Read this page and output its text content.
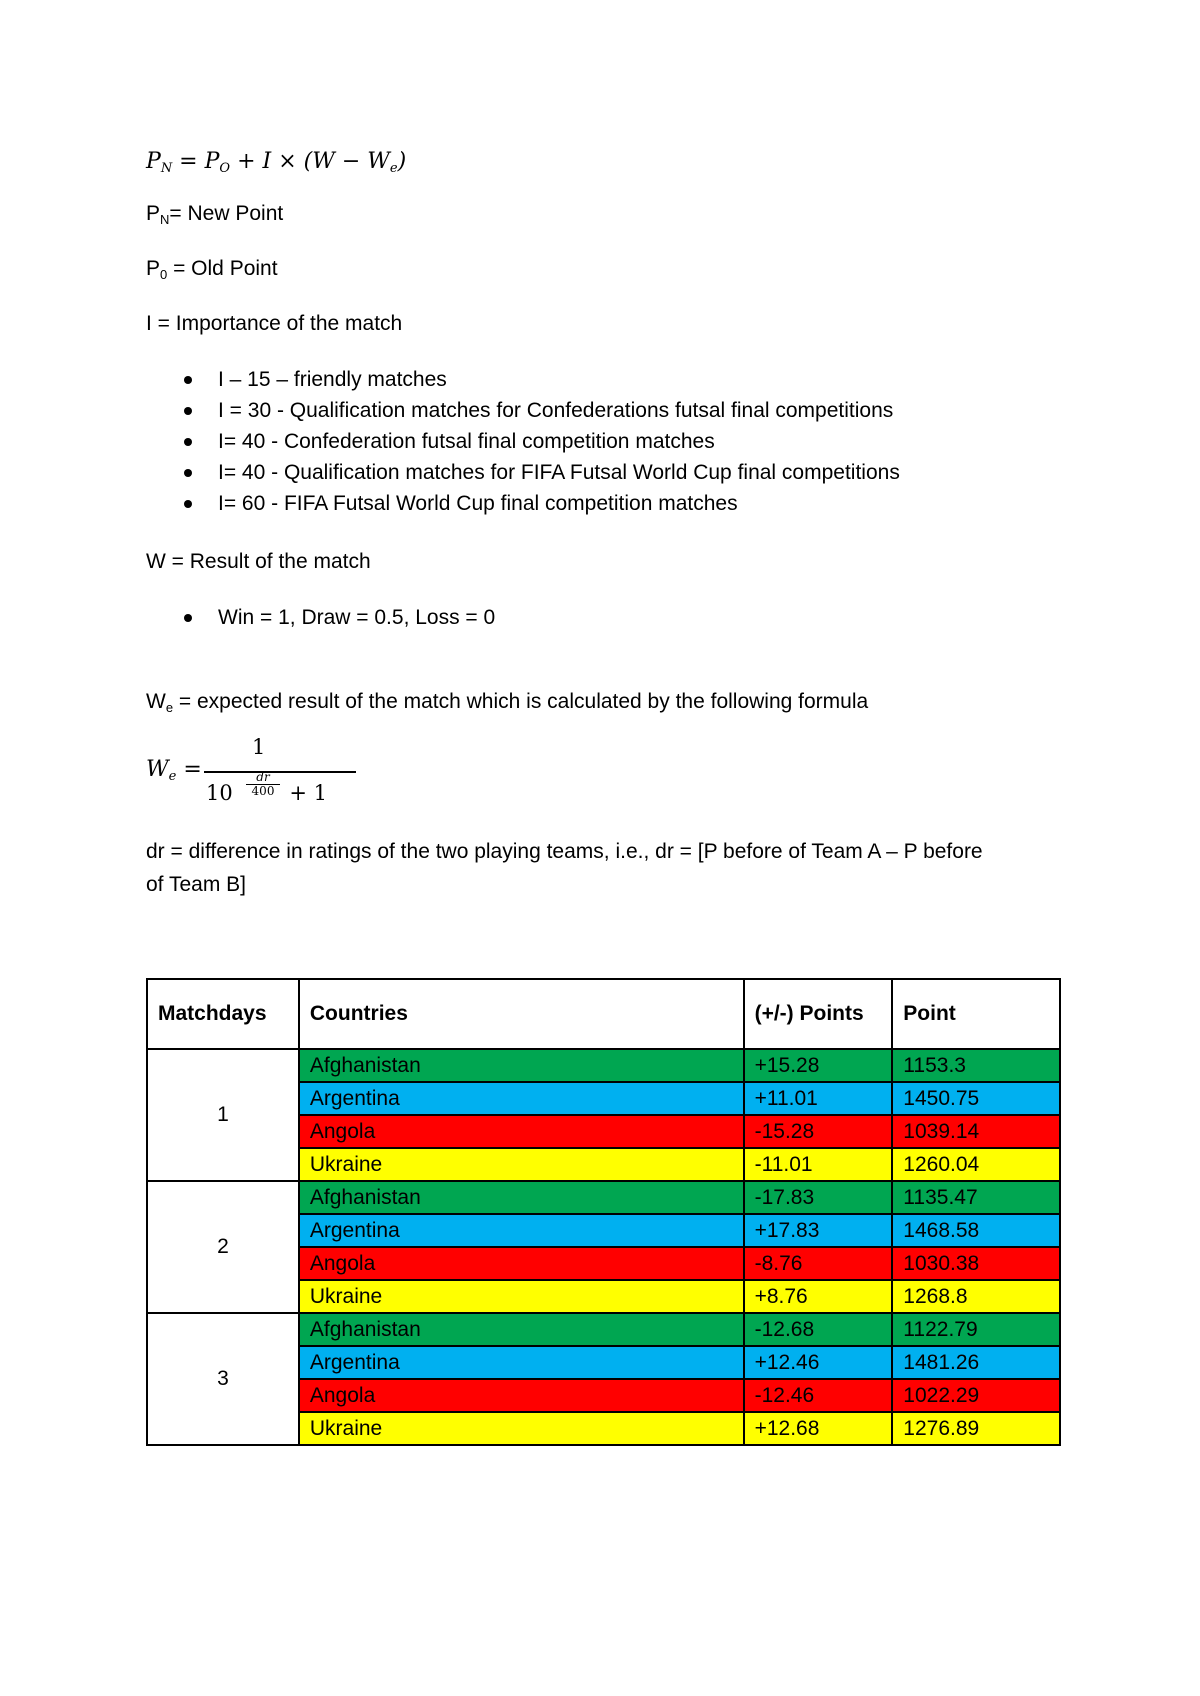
$P_N = P_O + I \times (W - W_e)$
$P_N=$ New Point
$P_0$ = Old Point
I = Importance of the match
I – 15 – friendly matches
I = 30 - Qualification matches for Confederations futsal final competitions
I= 40 - Confederation futsal final competition matches
I= 40 - Qualification matches for FIFA Futsal World Cup final competitions
I= 60 - FIFA Futsal World Cup final competition matches
W = Result of the match
Win = 1, Draw = 0.5, Loss = 0
$W_e$ = expected result of the match which is calculated by the following formula
$W_e$ =
1
10 + 1
dr
400
dr = difference in ratings of the two playing teams, i.e., dr = [P before of Team A – P before
of Team B]
Matchdays	Countries	(+/-) Points	Point
1	Afghanistan	+15.28	1153.3
	Argentina	+11.01	1450.75
	Angola	-15.28	1039.14
	Ukraine	-11.01	1260.04
2	Afghanistan	-17.83	1135.47
	Argentina	+17.83	1468.58
	Angola	-8.76	1030.38
	Ukraine	+8.76	1268.8
3	Afghanistan	-12.68	1122.79
	Argentina	+12.46	1481.26
	Angola	-12.46	1022.29
	Ukraine	+12.68	1276.89
